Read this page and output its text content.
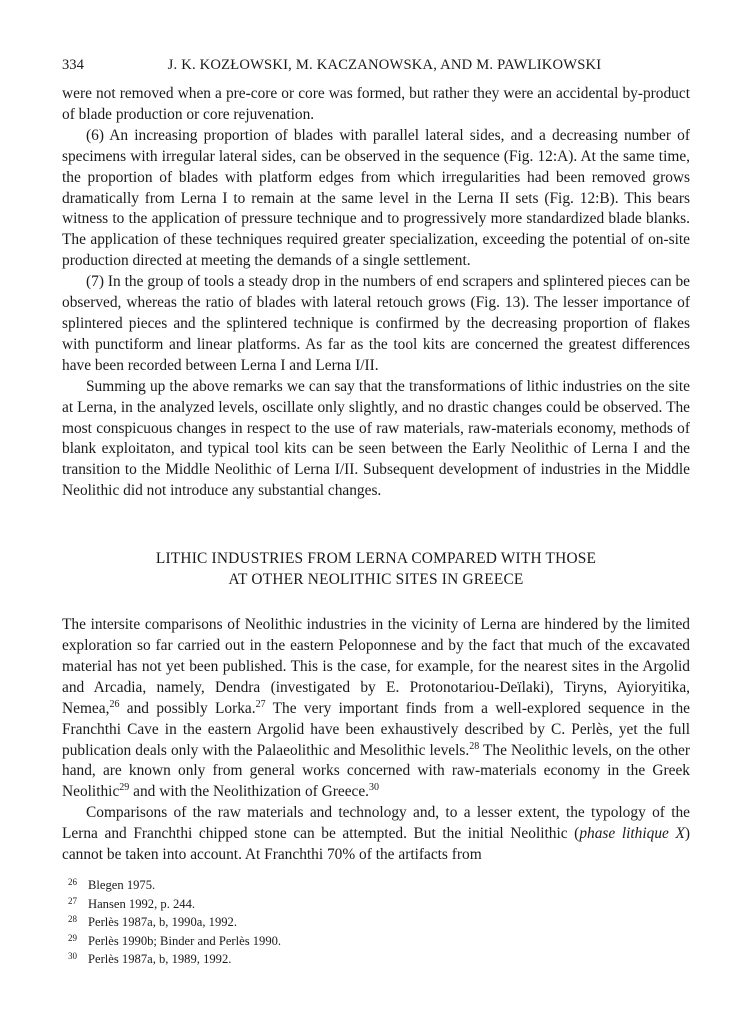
334	J. K. KOZŁOWSKI, M. KACZANOWSKA, AND M. PAWLIKOWSKI

were not removed when a pre-core or core was formed, but rather they were an accidental by-product of blade production or core rejuvenation.

(6) An increasing proportion of blades with parallel lateral sides, and a decreasing number of specimens with irregular lateral sides, can be observed in the sequence (Fig. 12:A). At the same time, the proportion of blades with platform edges from which irregularities had been removed grows dramatically from Lerna I to remain at the same level in the Lerna II sets (Fig. 12:B). This bears witness to the application of pressure technique and to progressively more standardized blade blanks. The application of these techniques required greater specialization, exceeding the potential of on-site production directed at meeting the demands of a single settlement.

(7) In the group of tools a steady drop in the numbers of end scrapers and splintered pieces can be observed, whereas the ratio of blades with lateral retouch grows (Fig. 13). The lesser importance of splintered pieces and the splintered technique is confirmed by the decreasing proportion of flakes with punctiform and linear platforms. As far as the tool kits are concerned the greatest differences have been recorded between Lerna I and Lerna I/II.

Summing up the above remarks we can say that the transformations of lithic industries on the site at Lerna, in the analyzed levels, oscillate only slightly, and no drastic changes could be observed. The most conspicuous changes in respect to the use of raw materials, raw-materials economy, methods of blank exploitaton, and typical tool kits can be seen between the Early Neolithic of Lerna I and the transition to the Middle Neolithic of Lerna I/II. Subsequent development of industries in the Middle Neolithic did not introduce any substantial changes.

LITHIC INDUSTRIES FROM LERNA COMPARED WITH THOSE
AT OTHER NEOLITHIC SITES IN GREECE

The intersite comparisons of Neolithic industries in the vicinity of Lerna are hindered by the limited exploration so far carried out in the eastern Peloponnese and by the fact that much of the excavated material has not yet been published. This is the case, for example, for the nearest sites in the Argolid and Arcadia, namely, Dendra (investigated by E. Protonotariou-Deïlaki), Tiryns, Ayioryitika, Nemea,$^{26}$ and possibly Lorka.$^{27}$ The very important finds from a well-explored sequence in the Franchthi Cave in the eastern Argolid have been exhaustively described by C. Perlès, yet the full publication deals only with the Palaeolithic and Mesolithic levels.$^{28}$ The Neolithic levels, on the other hand, are known only from general works concerned with raw-materials economy in the Greek Neolithic$^{29}$ and with the Neolithization of Greece.$^{30}$

Comparisons of the raw materials and technology and, to a lesser extent, the typology of the Lerna and Franchthi chipped stone can be attempted. But the initial Neolithic (phase lithique X) cannot be taken into account. At Franchthi 70% of the artifacts from

26 Blegen 1975.
27 Hansen 1992, p. 244.
28 Perlès 1987a, b, 1990a, 1992.
29 Perlès 1990b; Binder and Perlès 1990.
30 Perlès 1987a, b, 1989, 1992.
